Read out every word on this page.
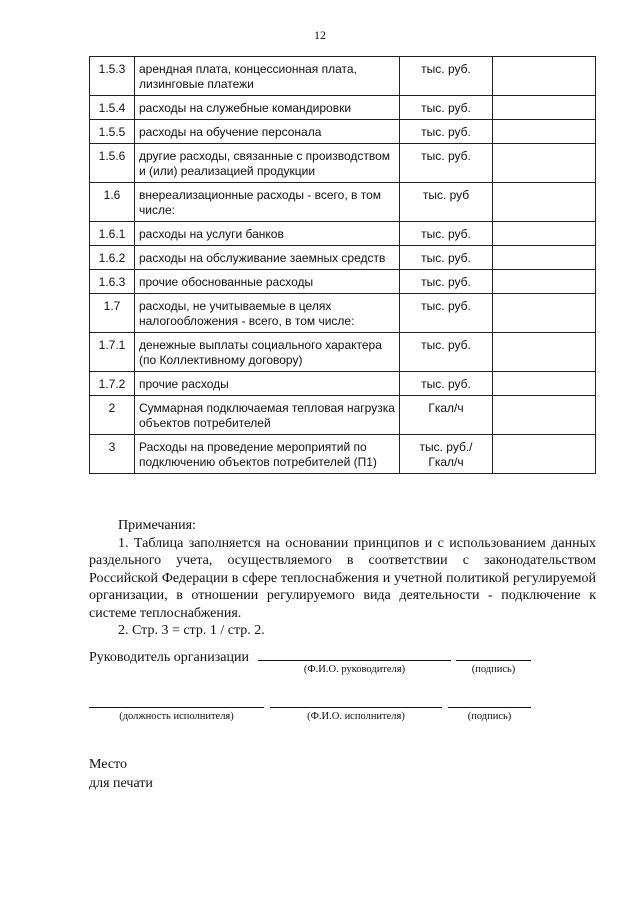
12
1.5.3	арендная плата, концессионная плата, лизинговые платежи	тыс. руб.	
1.5.4	расходы на служебные командировки	тыс. руб.	
1.5.5	расходы на обучение персонала	тыс. руб.	
1.5.6	другие расходы, связанные с производством и (или) реализацией продукции	тыс. руб.	
1.6	внереализационные расходы - всего, в том числе:	тыс. руб	
1.6.1	расходы на услуги банков	тыс. руб.	
1.6.2	расходы на обслуживание заемных средств	тыс. руб.	
1.6.3	прочие обоснованные расходы	тыс. руб.	
1.7	расходы, не учитываемые в целях налогообложения - всего, в том числе:	тыс. руб.	
1.7.1	денежные выплаты социального характера (по Коллективному договору)	тыс. руб.	
1.7.2	прочие расходы	тыс. руб.	
2	Суммарная подключаемая тепловая нагрузка объектов потребителей	Гкал/ч	
3	Расходы на проведение мероприятий по подключению объектов потребителей (П1)	тыс. руб./ Гкал/ч	

Примечания:

1. Таблица заполняется на основании принципов и с использованием данных раздельного учета, осуществляемого в соответствии с законодательством Российской Федерации в сфере теплоснабжения и учетной политикой регулируемой организации, в отношении регулируемого вида деятельности - подключение к системе теплоснабжения.

2. Стр. 3 = стр. 1 / стр. 2.

Руководитель организации
(Ф.И.О. руководителя)	(подпись)
(должность исполнителя)	(Ф.И.О. исполнителя)	(подпись)
Место
для печати
